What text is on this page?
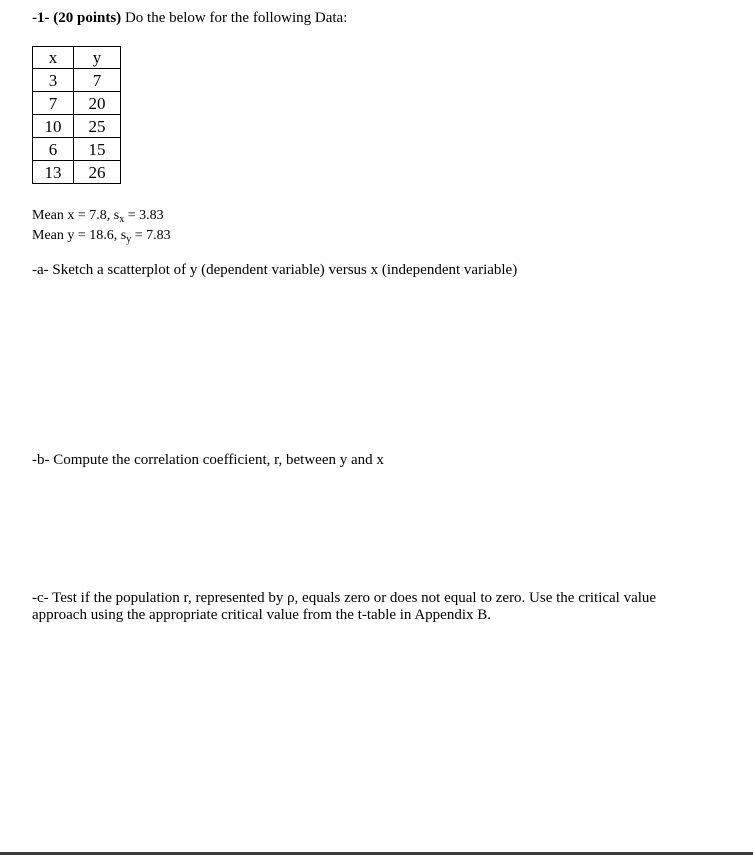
-1- (20 points) Do the below for the following Data:
x	y
3	7
7	20
10	25
6	15
13	26
Mean x = 7.8, $s_x = 3.83$
Mean y = 18.6, $s_y = 7.83$
-a- Sketch a scatterplot of y (dependent variable) versus x (independent variable)
-b- Compute the correlation coefficient, r, between y and x
-c- Test if the population r, represented by ρ, equals zero or does not equal to zero. Use the critical value
approach using the appropriate critical value from the t-table in Appendix B.
